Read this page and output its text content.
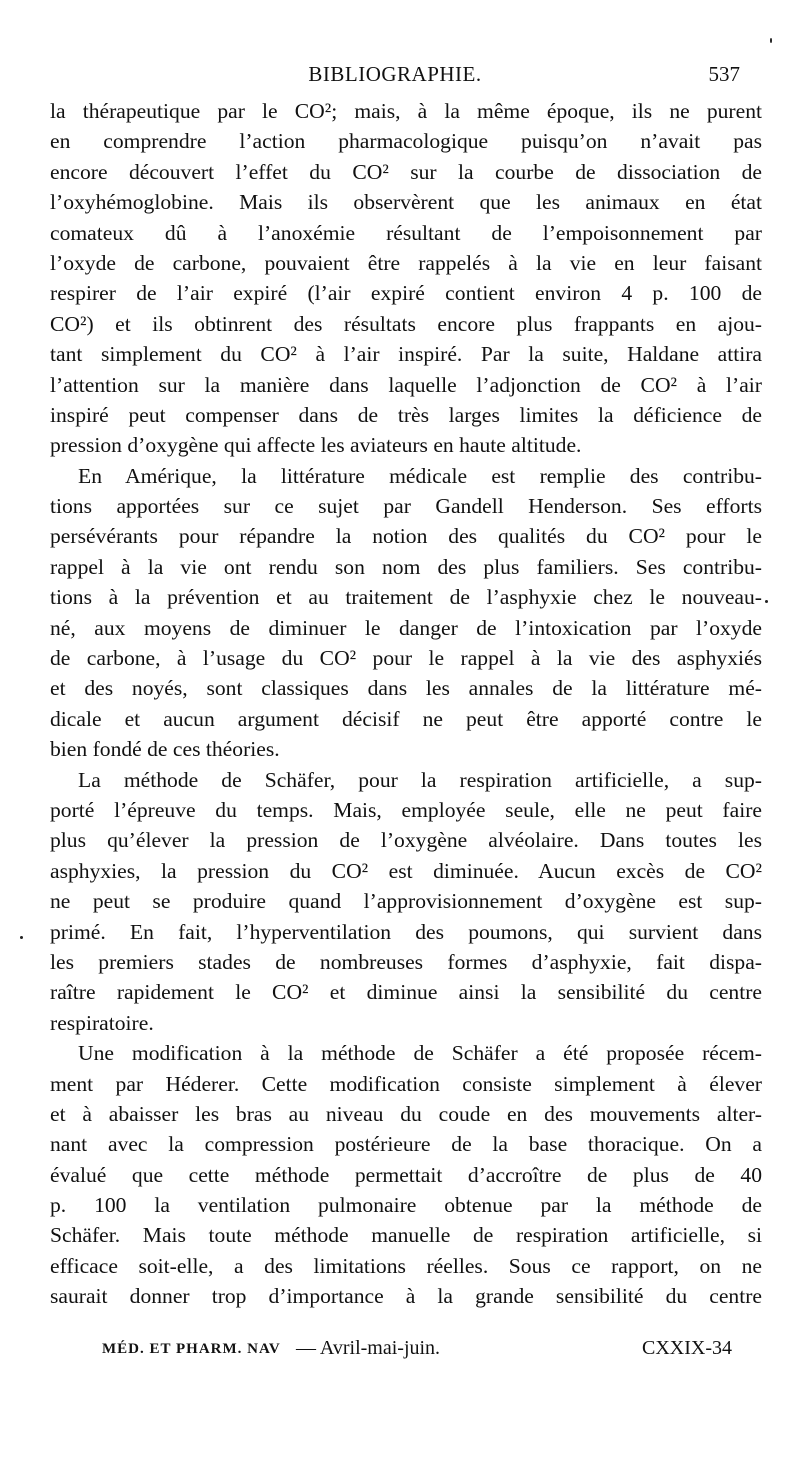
BIBLIOGRAPHIE.	537
la thérapeutique par le CO²; mais, à la même époque, ils ne purent
en comprendre l’action pharmacologique puisqu’on n’avait pas
encore découvert l’effet du CO² sur la courbe de dissociation de
l’oxyhémoglobine. Mais ils observèrent que les animaux en état
comateux dû à l’anoxémie résultant de l’empoisonnement par
l’oxyde de carbone, pouvaient être rappelés à la vie en leur faisant
respirer de l’air expiré (l’air expiré contient environ 4 p. 100 de
CO²) et ils obtinrent des résultats encore plus frappants en ajou-
tant simplement du CO² à l’air inspiré. Par la suite, Haldane attira
l’attention sur la manière dans laquelle l’adjonction de CO² à l’air
inspiré peut compenser dans de très larges limites la déficience de
pression d’oxygène qui affecte les aviateurs en haute altitude.
En Amérique, la littérature médicale est remplie des contribu-
tions apportées sur ce sujet par Gandell Henderson. Ses efforts
persévérants pour répandre la notion des qualités du CO² pour le
rappel à la vie ont rendu son nom des plus familiers. Ses contribu-
tions à la prévention et au traitement de l’asphyxie chez le nouveau-
né, aux moyens de diminuer le danger de l’intoxication par l’oxyde
de carbone, à l’usage du CO² pour le rappel à la vie des asphyxiés
et des noyés, sont classiques dans les annales de la littérature mé-
dicale et aucun argument décisif ne peut être apporté contre le
bien fondé de ces théories.
La méthode de Schäfer, pour la respiration artificielle, a sup-
porté l’épreuve du temps. Mais, employée seule, elle ne peut faire
plus qu’élever la pression de l’oxygène alvéolaire. Dans toutes les
asphyxies, la pression du CO² est diminuée. Aucun excès de CO²
ne peut se produire quand l’approvisionnement d’oxygène est sup-
primé. En fait, l’hyperventilation des poumons, qui survient dans
les premiers stades de nombreuses formes d’asphyxie, fait dispa-
raître rapidement le CO² et diminue ainsi la sensibilité du centre
respiratoire.
Une modification à la méthode de Schäfer a été proposée récem-
ment par Héderer. Cette modification consiste simplement à élever
et à abaisser les bras au niveau du coude en des mouvements alter-
nant avec la compression postérieure de la base thoracique. On a
évalué que cette méthode permettait d’accroître de plus de 40
p. 100 la ventilation pulmonaire obtenue par la méthode de
Schäfer. Mais toute méthode manuelle de respiration artificielle, si
efficace soit-elle, a des limitations réelles. Sous ce rapport, on ne
saurait donner trop d’importance à la grande sensibilité du centre
MÉD. ET PHARM. NAV — Avril-mai-juin.	CXXIX-34
